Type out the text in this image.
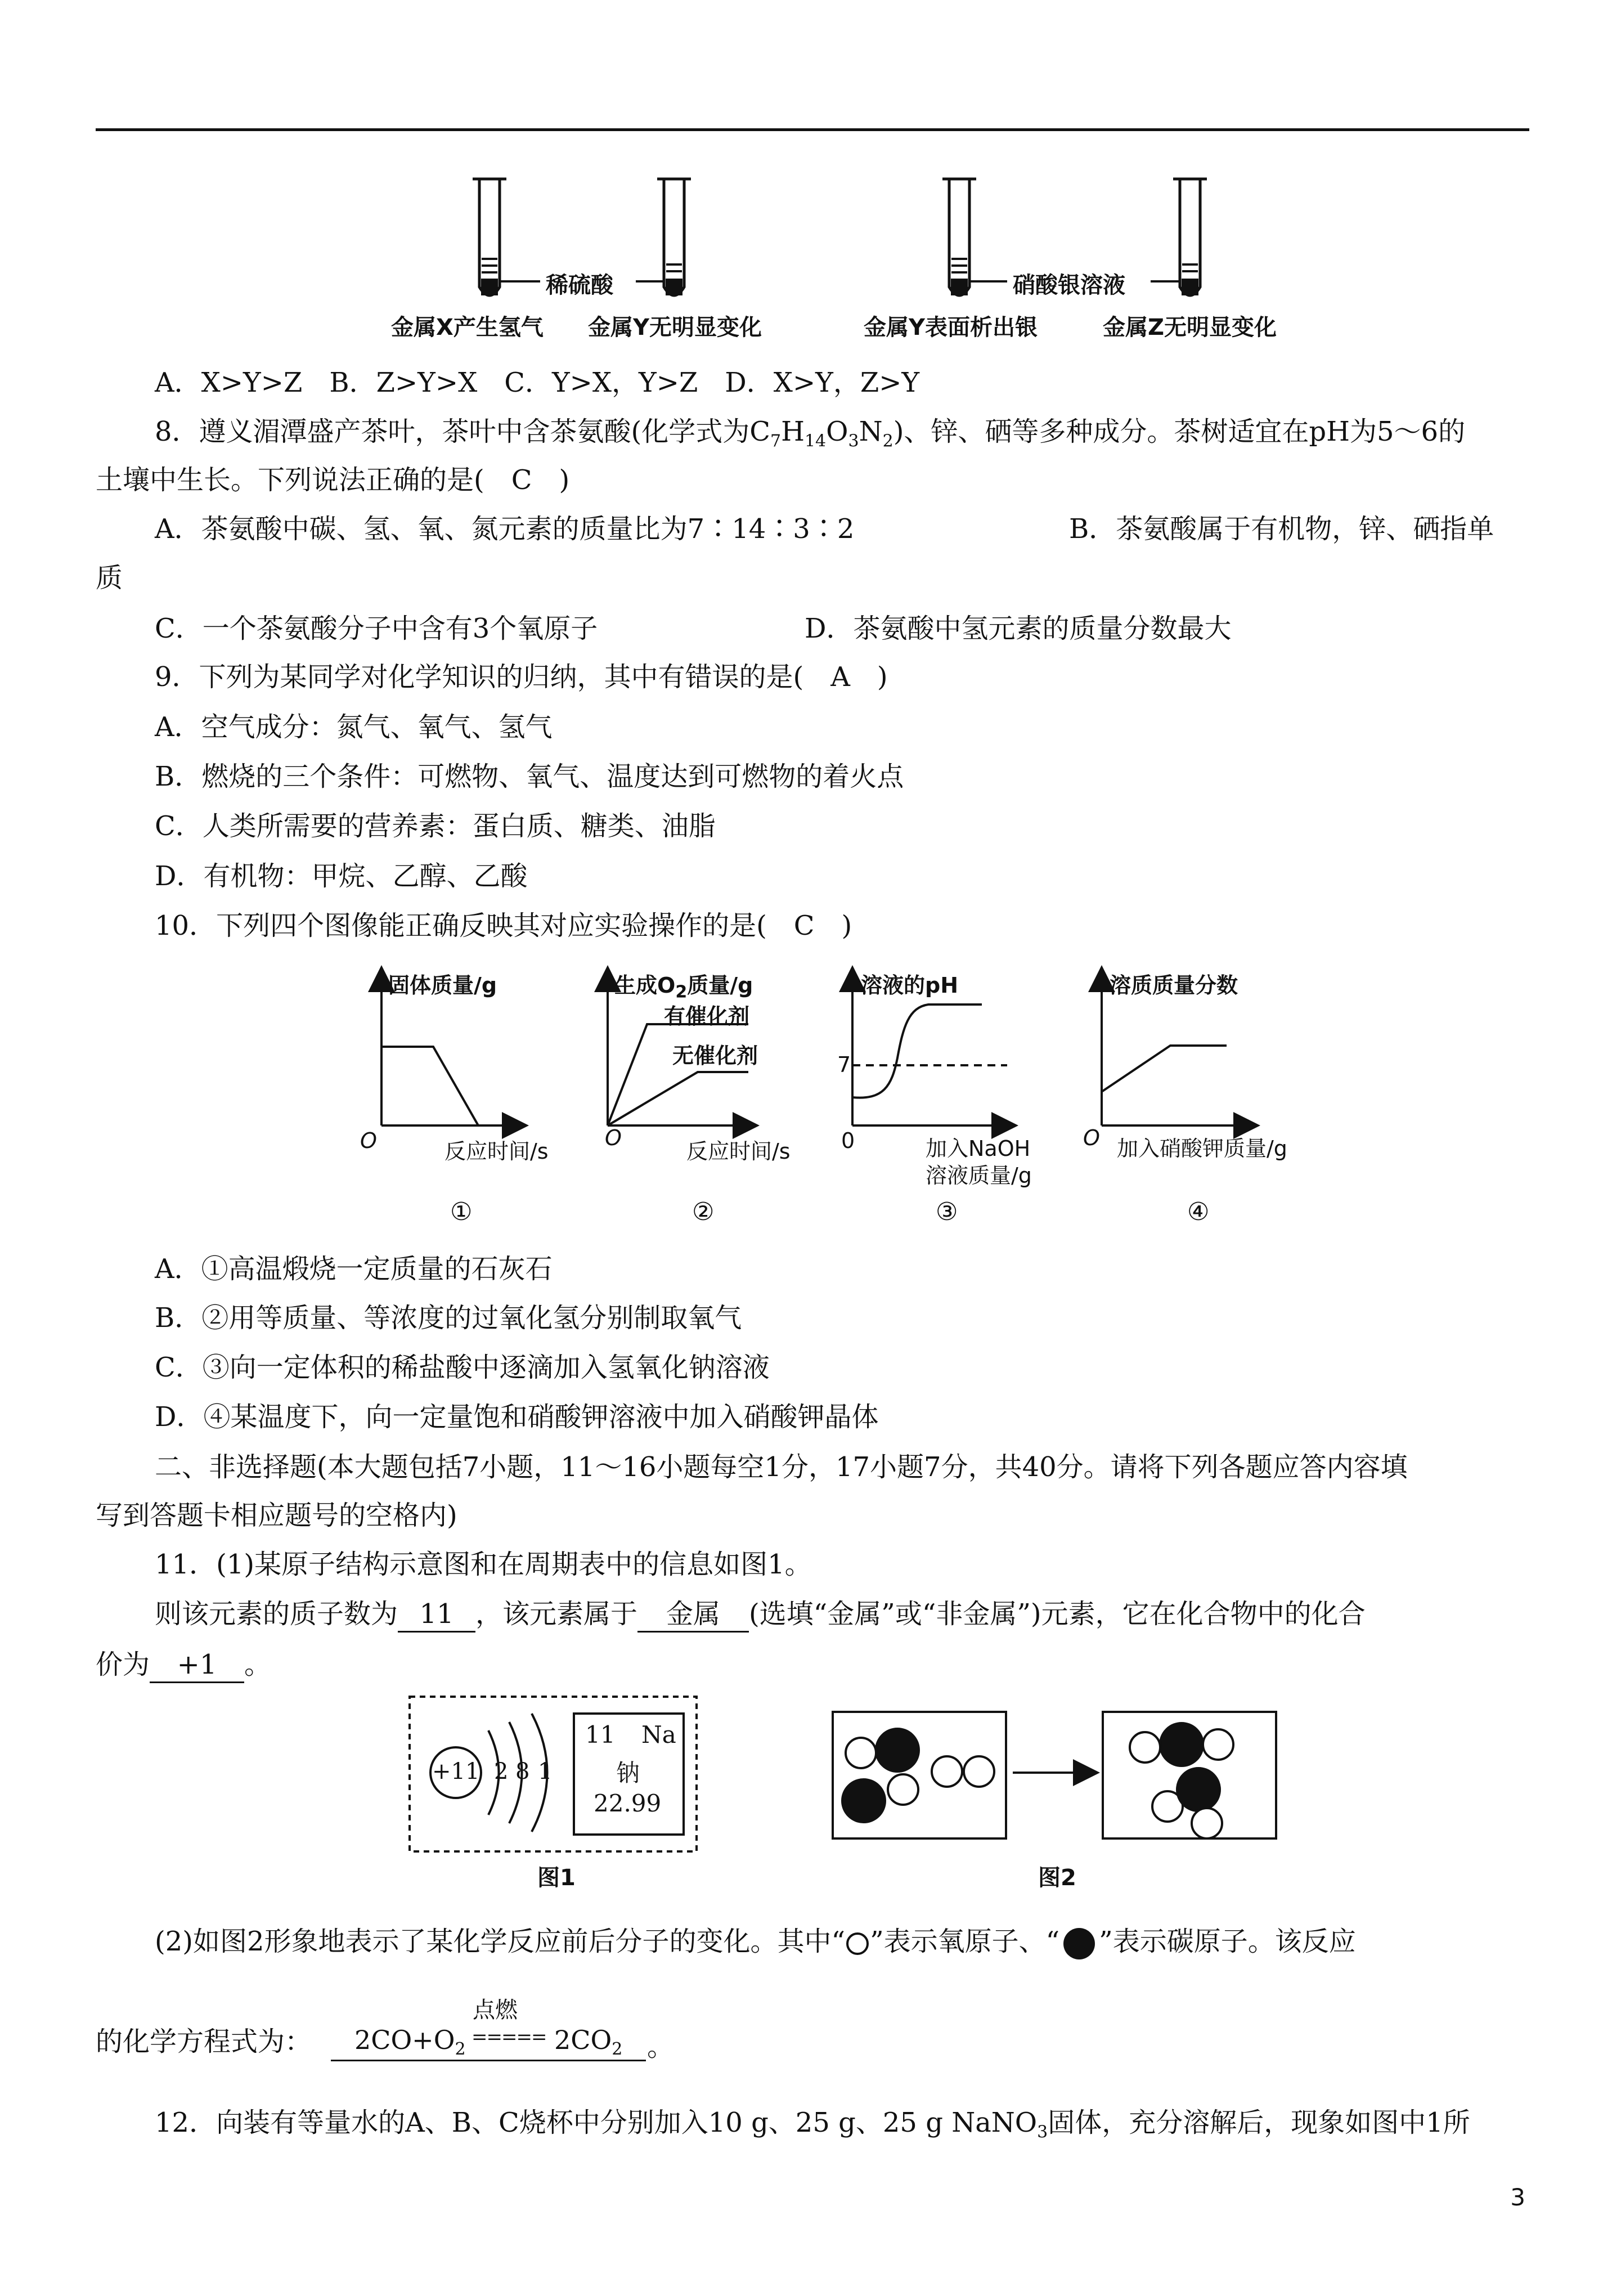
稀硫酸	硝酸银溶液
金属X产生氢气 金属Y无明显变化	金属Y表面析出银	金属Z无明显变化
A．X>Y>Z　B．Z>Y>X　C．Y>X，Y>Z　D．X>Y，Z>Y
8．遵义湄潭盛产茶叶，茶叶中含茶氨酸(化学式为$C_7H_{14}O_3N_2$)、锌、硒等多种成分。茶树适宜在pH为5～6的
土壤中生长。下列说法正确的是(　C　)
A．茶氨酸中碳、氢、氧、氮元素的质量比为7∶14∶3∶2	B．茶氨酸属于有机物，锌、硒指单
质
C．一个茶氨酸分子中含有3个氧原子	D．茶氨酸中氢元素的质量分数最大
9．下列为某同学对化学知识的归纳，其中有错误的是(　A　)
A．空气成分：氮气、氧气、氢气
B．燃烧的三个条件：可燃物、氧气、温度达到可燃物的着火点
C．人类所需要的营养素：蛋白质、糖类、油脂
D．有机物：甲烷、乙醇、乙酸
10．下列四个图像能正确反映其对应实验操作的是(　C　)
固体质量/g
O	反应时间/s
生成$O_2$质量/g
有催化剂
无催化剂
O
反应时间/s
溶液的pH
7
0	加入NaOH
溶液质量/g
溶质质量分数
O 加入硝酸钾质量/g
①	②	③	④
A．①高温煅烧一定质量的石灰石
B．②用等质量、等浓度的过氧化氢分别制取氧气
C．③向一定体积的稀盐酸中逐滴加入氢氧化钠溶液
D．④某温度下，向一定量饱和硝酸钾溶液中加入硝酸钾晶体
二、非选择题(本大题包括7小题，11～16小题每空1分，17小题7分，共40分。请将下列各题应答内容填
写到答题卡相应题号的空格内)
11．(1)某原子结构示意图和在周期表中的信息如图1。
则该元素的质子数为 11 ，该元素属于 金属 (选填“金属”或“非金属”)元素，它在化合物中的化合
价为 +1 。
+11 2 8 1
11 Na
钠
22.99
图1	图2
(2)如图2形象地表示了某化学反应前后分子的变化。其中“ ”表示氧原子、“ ”表示碳原子。该反应
的化学方程式为： $2CO+O_2$
点燃
===== $2CO_2$ 。
12．向装有等量水的A、B、C烧杯中分别加入10 g、25 g、25 g NaNO$_3$固体，充分溶解后，现象如图中1所
3
